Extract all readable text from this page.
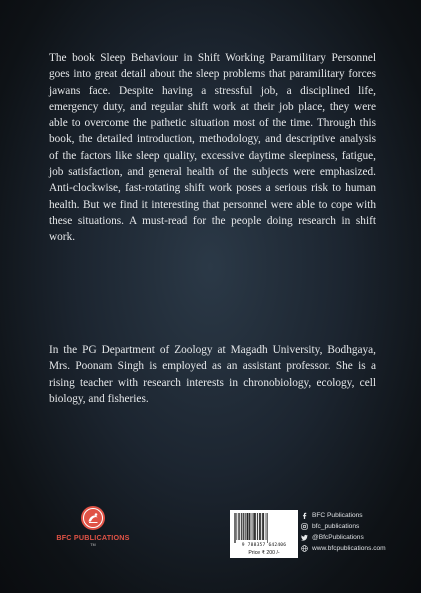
The book Sleep Behaviour in Shift Working Paramilitary Personnel goes into great detail about the sleep problems that paramilitary forces jawans face. Despite having a stressful job, a disciplined life, emergency duty, and regular shift work at their job place, they were able to overcome the pathetic situation most of the time. Through this book, the detailed introduction, methodology, and descriptive analysis of the factors like sleep quality, excessive daytime sleepiness, fatigue, job satisfaction, and general health of the subjects were emphasized. Anti-clockwise, fast-rotating shift work poses a serious risk to human health. But we find it interesting that personnel were able to cope with these situations. A must-read for the people doing research in shift work.

In the PG Department of Zoology at Magadh University, Bodhgaya, Mrs. Poonam Singh is employed as an assistant professor. She is a rising teacher with research interests in chronobiology, ecology, cell biology, and fisheries.

BFC PUBLICATIONS
TM	9 788357 642406
Price ₹ 200 /-
BFC Publications
bfc_publications
@BfcPublications
www.bfcpublications.com
